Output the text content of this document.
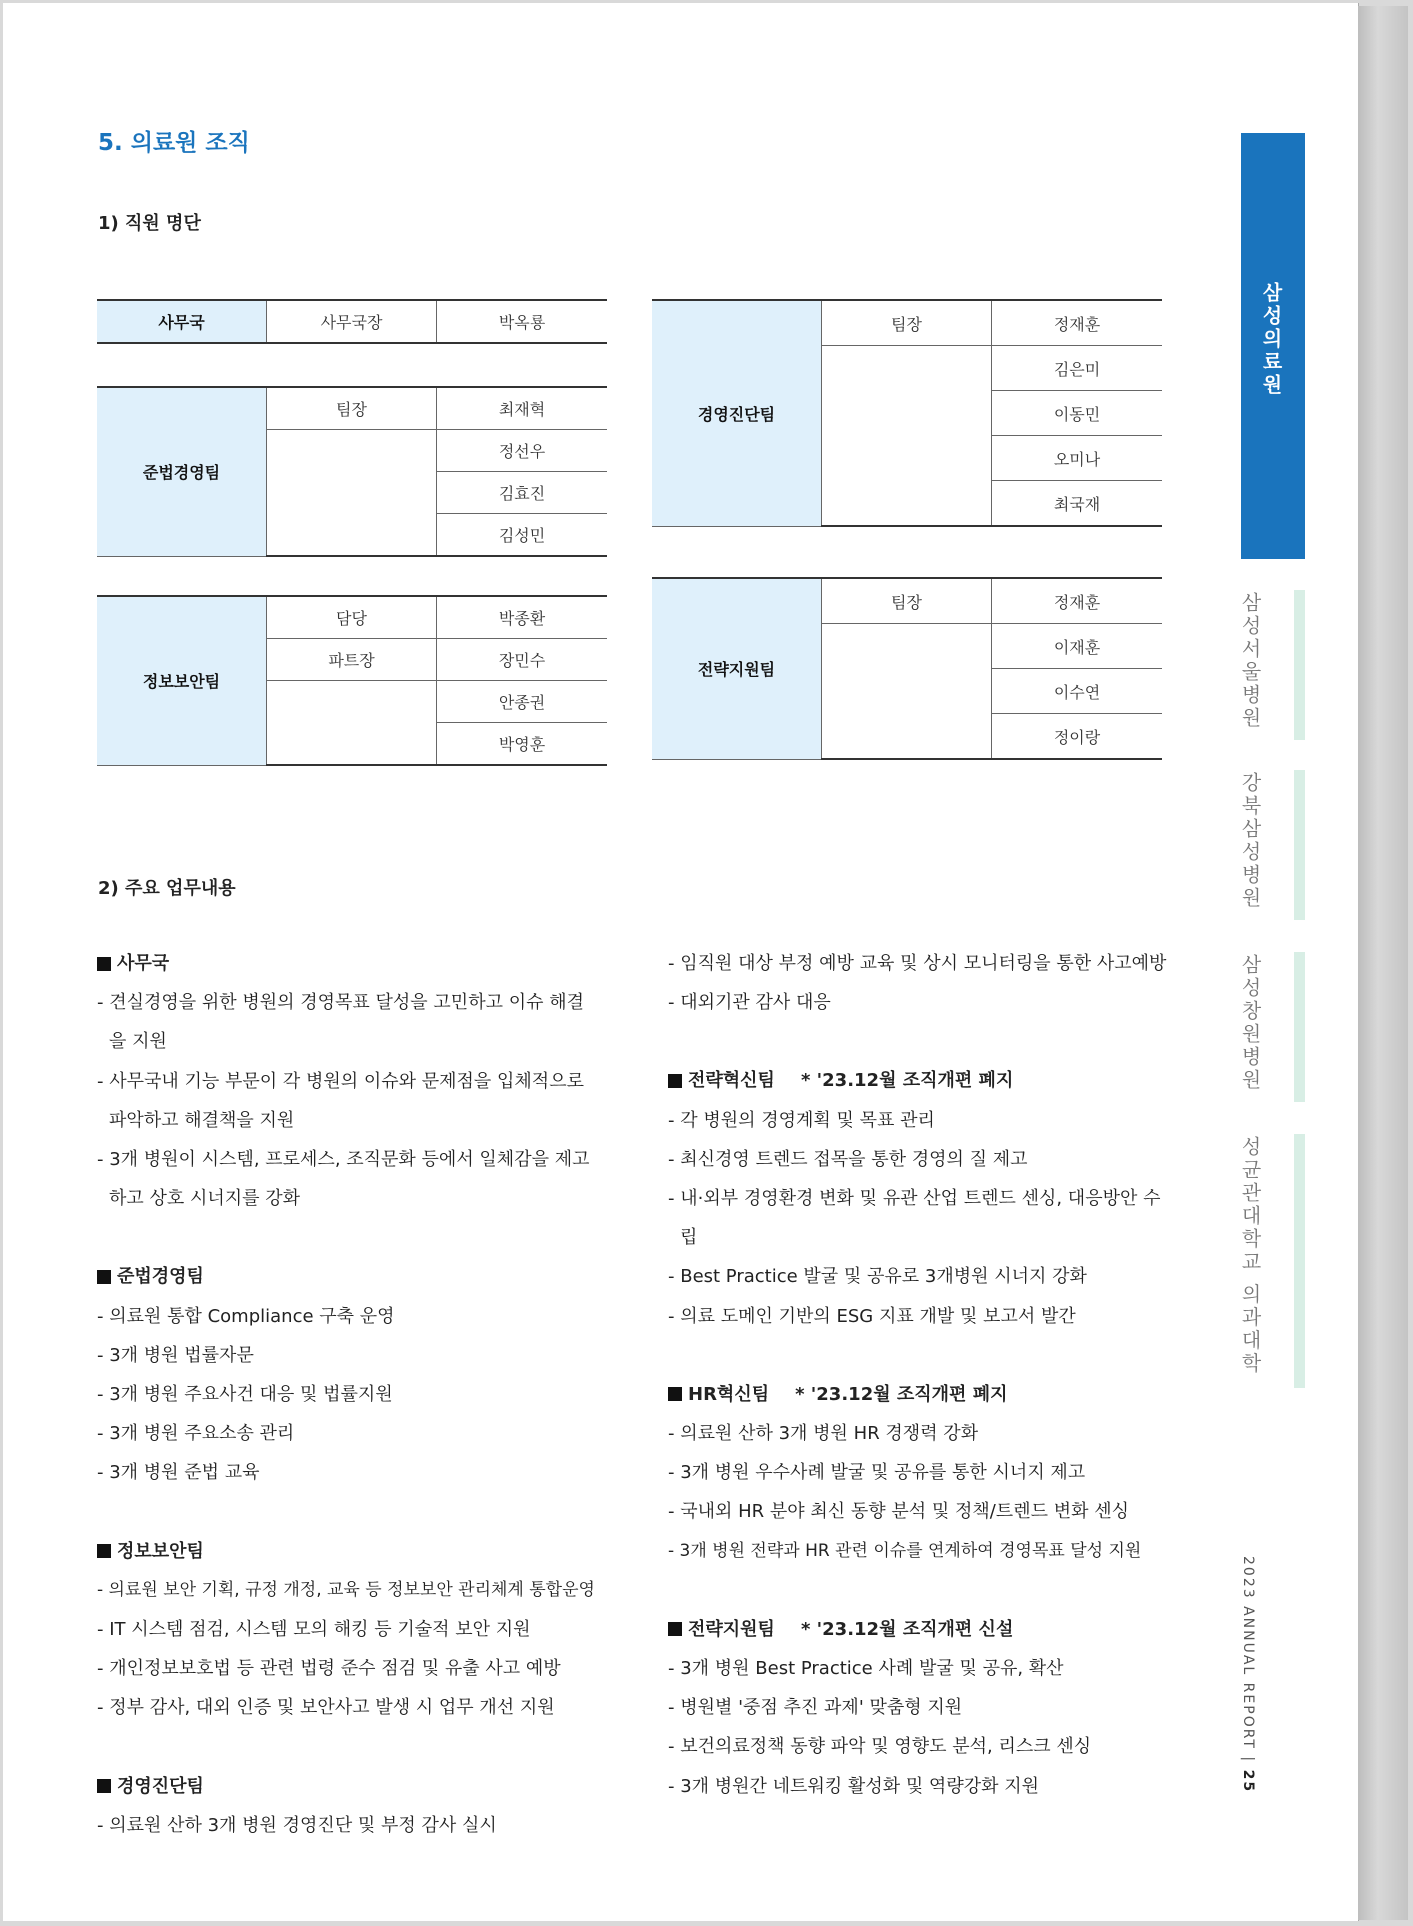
5. 의료원 조직
1) 직원 명단
사무국	사무국장	박옥룡
준법경영팀	팀장	최재혁
		정선우
		김효진
		김성민
정보보안팀	담당	박종환
	파트장	장민수
		안종권
		박영훈
경영진단팀	팀장	정재훈
		김은미
		이동민
		오미나
		최국재
전략지원팀	팀장	정재훈
		이재훈
		이수연
		정이랑
2) 주요 업무내용
사무국
- 견실경영을 위한 병원의 경영목표 달성을 고민하고 이슈 해결을 지원
- 사무국내 기능 부문이 각 병원의 이슈와 문제점을 입체적으로 파악하고 해결책을 지원
- 3개 병원이 시스템, 프로세스, 조직문화 등에서 일체감을 제고하고 상호 시너지를 강화
준법경영팀
- 의료원 통합 Compliance 구축 운영
- 3개 병원 법률자문
- 3개 병원 주요사건 대응 및 법률지원
- 3개 병원 주요소송 관리
- 3개 병원 준법 교육
정보보안팀
- 의료원 보안 기획, 규정 개정, 교육 등 정보보안 관리체계 통합운영
- IT 시스템 점검, 시스템 모의 해킹 등 기술적 보안 지원
- 개인정보보호법 등 관련 법령 준수 점검 및 유출 사고 예방
- 정부 감사, 대외 인증 및 보안사고 발생 시 업무 개선 지원
경영진단팀
- 의료원 산하 3개 병원 경영진단 및 부정 감사 실시
- 임직원 대상 부정 예방 교육 및 상시 모니터링을 통한 사고예방
- 대외기관 감사 대응
전략혁신팀 * '23.12월 조직개편 폐지
- 각 병원의 경영계획 및 목표 관리
- 최신경영 트렌드 접목을 통한 경영의 질 제고
- 내·외부 경영환경 변화 및 유관 산업 트렌드 센싱, 대응방안 수립
- Best Practice 발굴 및 공유로 3개병원 시너지 강화
- 의료 도메인 기반의 ESG 지표 개발 및 보고서 발간
HR혁신팀 * '23.12월 조직개편 폐지
- 의료원 산하 3개 병원 HR 경쟁력 강화
- 3개 병원 우수사례 발굴 및 공유를 통한 시너지 제고
- 국내외 HR 분야 최신 동향 분석 및 정책/트렌드 변화 센싱
- 3개 병원 전략과 HR 관련 이슈를 연계하여 경영목표 달성 지원
전략지원팀 * '23.12월 조직개편 신설
- 3개 병원 Best Practice 사례 발굴 및 공유, 확산
- 병원별 '중점 추진 과제' 맞춤형 지원
- 보건의료정책 동향 파악 및 영향도 분석, 리스크 센싱
- 3개 병원간 네트워킹 활성화 및 역량강화 지원
삼성의료원
삼성서울병원
강북삼성병원
삼성창원병원
성균관대학교 의과대학
2023 ANNUAL REPORT | 25
